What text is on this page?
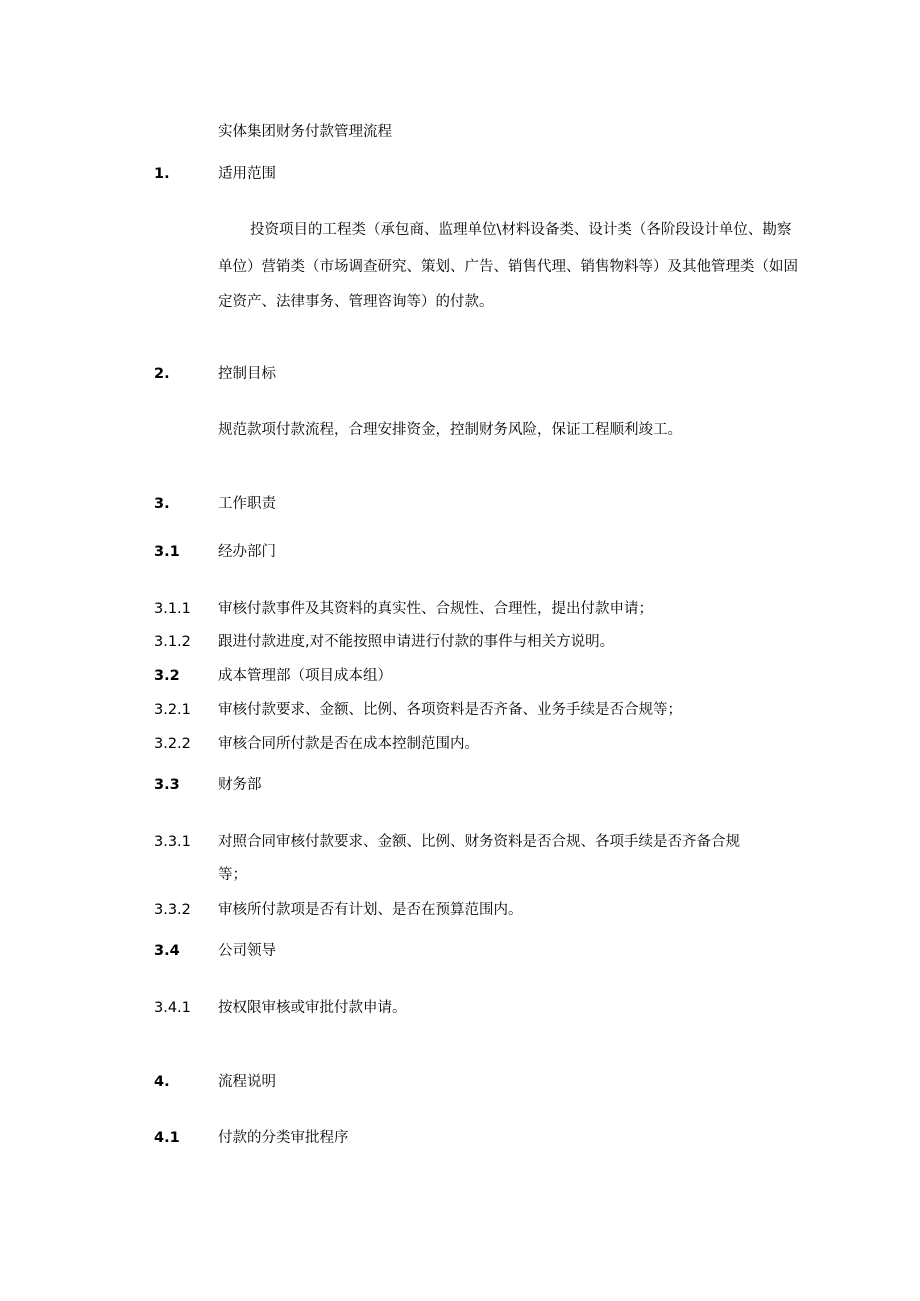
实体集团财务付款管理流程
1.	适用范围
投资项目的工程类（承包商、监理单位\材料设备类、设计类（各阶段设计单位、勘察
单位）营销类（市场调查研究、策划、广告、销售代理、销售物料等）及其他管理类（如固
定资产、法律事务、管理咨询等）的付款。
2.	控制目标
规范款项付款流程，合理安排资金，控制财务风险，保证工程顺利竣工。
3.	工作职责
3.1	经办部门
3.1.1 审核付款事件及其资料的真实性、合规性、合理性，提出付款申请；
3.1.2 跟进付款进度,对不能按照申请进行付款的事件与相关方说明。
3.2	成本管理部（项目成本组）
3.2.1 审核付款要求、金额、比例、各项资料是否齐备、业务手续是否合规等；
3.2.2 审核合同所付款是否在成本控制范围内。
3.3	财务部
3.3.1 对照合同审核付款要求、金额、比例、财务资料是否合规、各项手续是否齐备合规
等；
3.3.2 审核所付款项是否有计划、是否在预算范围内。
3.4	公司领导
3.4.1 按权限审核或审批付款申请。
4.	流程说明
4.1	付款的分类审批程序
